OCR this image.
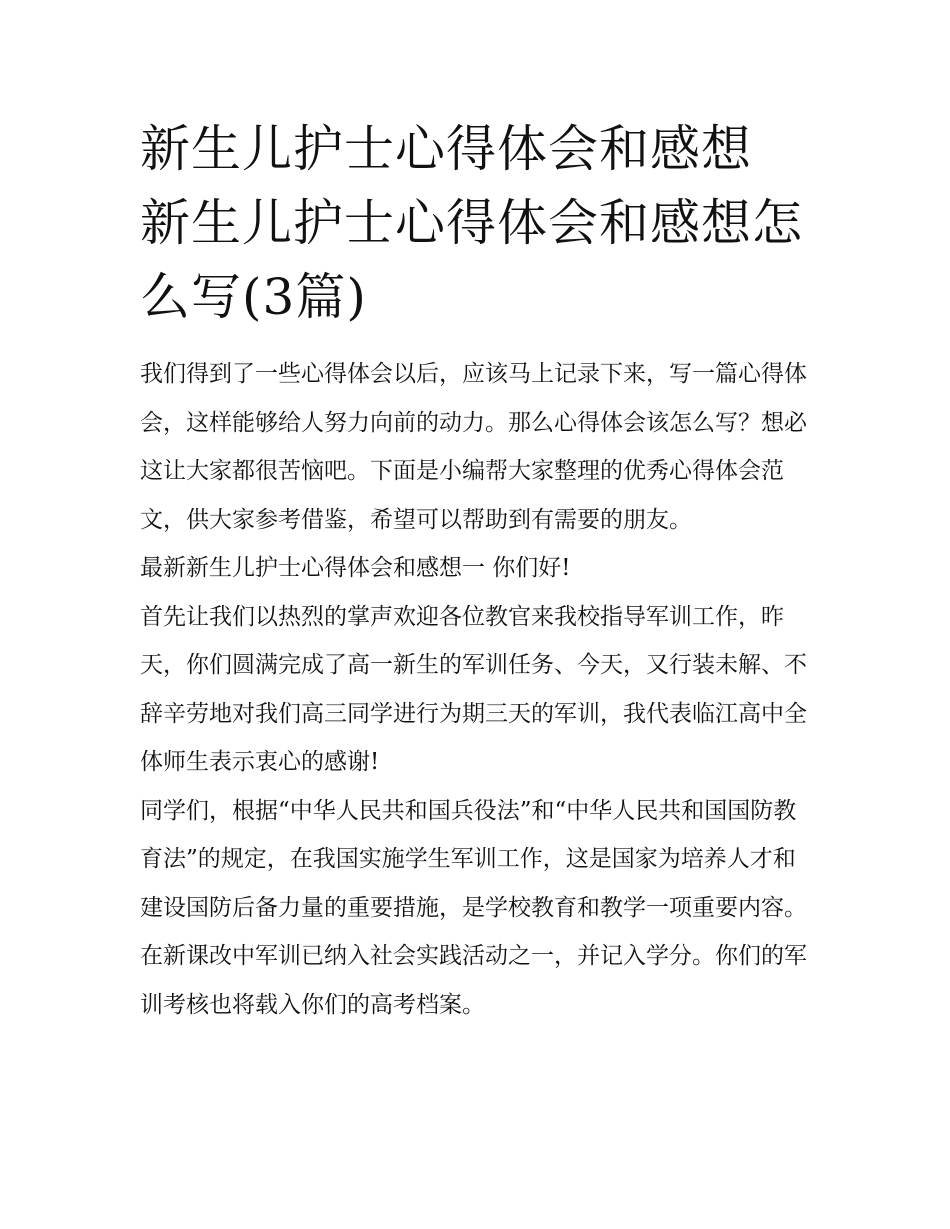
新生儿护士心得体会和感想 新生儿护士心得体会和感想怎么写(3篇)

我们得到了一些心得体会以后，应该马上记录下来，写一篇心得体会，这样能够给人努力向前的动力。那么心得体会该怎么写？想必这让大家都很苦恼吧。下面是小编帮大家整理的优秀心得体会范文，供大家参考借鉴，希望可以帮助到有需要的朋友。

最新新生儿护士心得体会和感想一 你们好!

首先让我们以热烈的掌声欢迎各位教官来我校指导军训工作，昨天，你们圆满完成了高一新生的军训任务、今天，又行装未解、不辞辛劳地对我们高三同学进行为期三天的军训，我代表临江高中全体师生表示衷心的感谢!

同学们，根据“中华人民共和国兵役法”和“中华人民共和国国防教育法”的规定，在我国实施学生军训工作，这是国家为培养人才和建设国防后备力量的重要措施，是学校教育和教学一项重要内容。在新课改中军训已纳入社会实践活动之一，并记入学分。你们的军训考核也将载入你们的高考档案。
